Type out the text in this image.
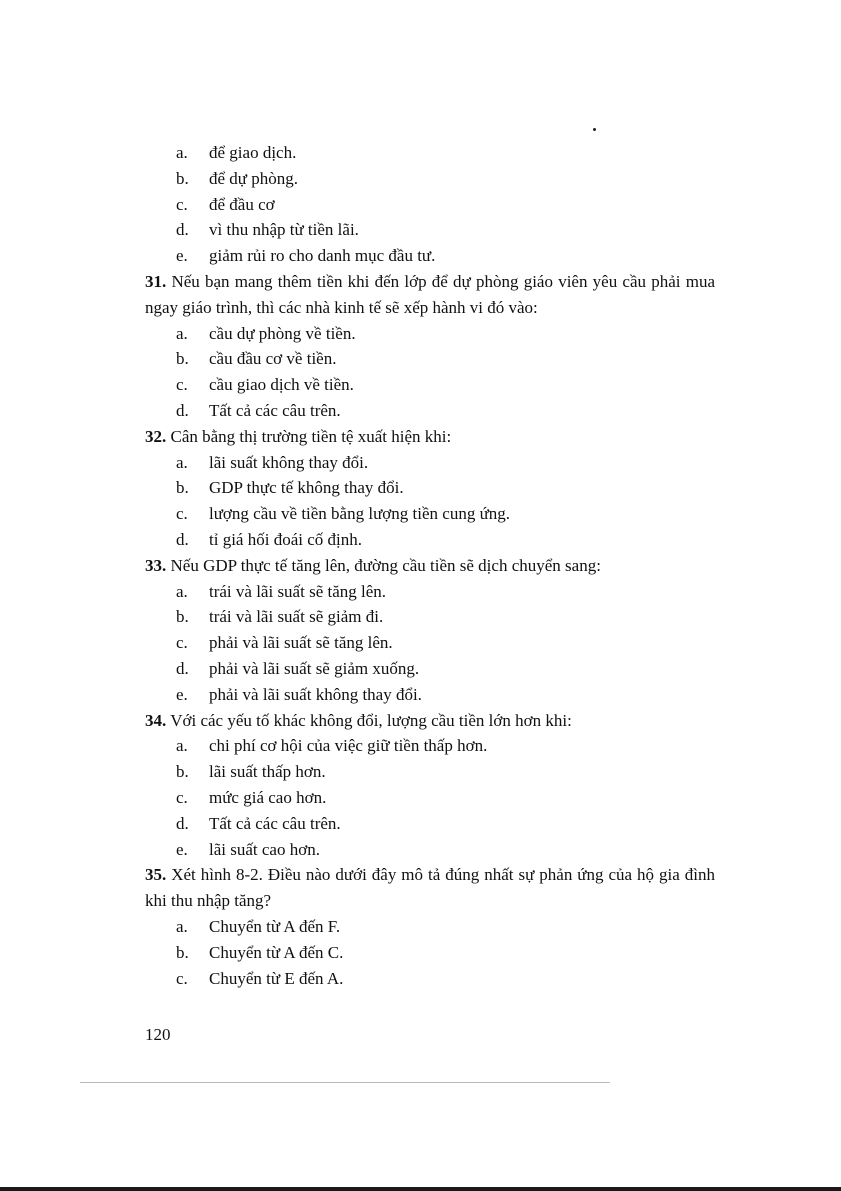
a. để giao dịch.
b. để dự phòng.
c. để đầu cơ
d. vì thu nhập từ tiền lãi.
e. giảm rủi ro cho danh mục đầu tư.
31. Nếu bạn mang thêm tiền khi đến lớp để dự phòng giáo viên yêu cầu phải mua ngay giáo trình, thì các nhà kinh tế sẽ xếp hành vi đó vào:
a. cầu dự phòng về tiền.
b. cầu đầu cơ về tiền.
c. cầu giao dịch về tiền.
d. Tất cả các câu trên.
32. Cân bằng thị trường tiền tệ xuất hiện khi:
a. lãi suất không thay đổi.
b. GDP thực tế không thay đổi.
c. lượng cầu về tiền bằng lượng tiền cung ứng.
d. tỉ giá hối đoái cố định.
33. Nếu GDP thực tế tăng lên, đường cầu tiền sẽ dịch chuyển sang:
a. trái và lãi suất sẽ tăng lên.
b. trái và lãi suất sẽ giảm đi.
c. phải và lãi suất sẽ tăng lên.
d. phải và lãi suất sẽ giảm xuống.
e. phải và lãi suất không thay đổi.
34. Với các yếu tố khác không đổi, lượng cầu tiền lớn hơn khi:
a. chi phí cơ hội của việc giữ tiền thấp hơn.
b. lãi suất thấp hơn.
c. mức giá cao hơn.
d. Tất cả các câu trên.
e. lãi suất cao hơn.
35. Xét hình 8-2. Điều nào dưới đây mô tả đúng nhất sự phản ứng của hộ gia đình khi thu nhập tăng?
a. Chuyển từ A đến F.
b. Chuyển từ A đến C.
c. Chuyển từ E đến A.
120
